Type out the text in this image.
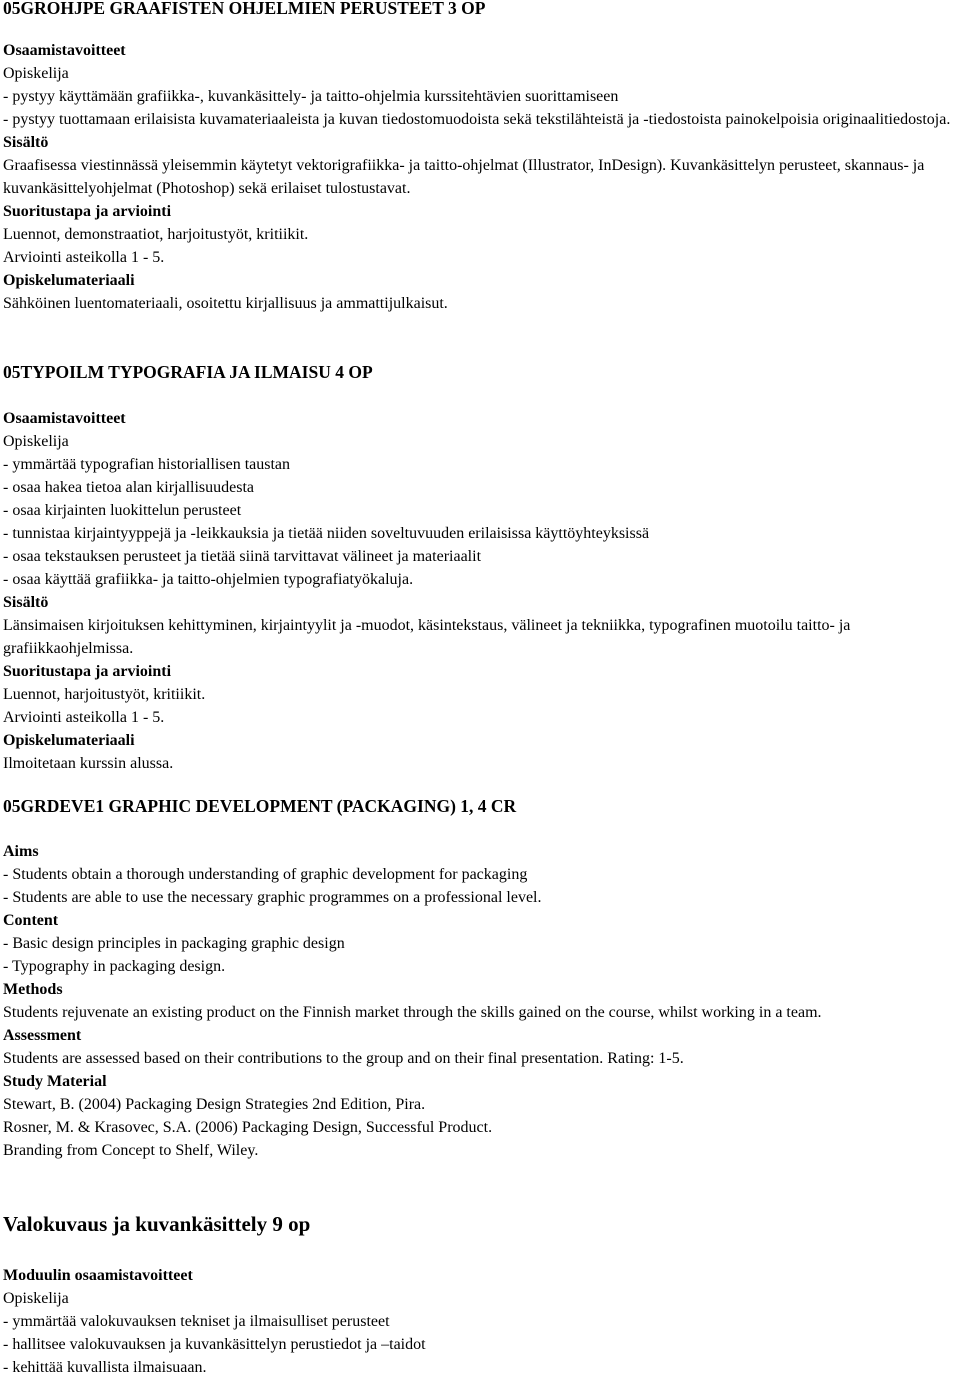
05GROHJPE GRAAFISTEN OHJELMIEN PERUSTEET 3 OP
Osaamistavoitteet
Opiskelija
- pystyy käyttämään grafiikka-, kuvankäsittely- ja taitto-ohjelmia kurssitehtävien suorittamiseen
- pystyy tuottamaan erilaisista kuvamateriaaleista ja kuvan tiedostomuodoista sekä tekstilähteistä ja -tiedostoista painokelpoisia originaalitiedostoja.
Sisältö
Graafisessa viestinnässä yleisemmin käytetyt vektorigrafiikka- ja taitto-ohjelmat (Illustrator, InDesign). Kuvankäsittelyn perusteet, skannaus- ja kuvankäsittelyohjelmat (Photoshop) sekä erilaiset tulostustavat.
Suoritustapa ja arviointi
Luennot, demonstraatiot, harjoitustyöt, kritiikit.
Arviointi asteikolla 1 - 5.
Opiskelumateriaali
Sähköinen luentomateriaali, osoitettu kirjallisuus ja ammattijulkaisut.
05TYPOILM TYPOGRAFIA JA ILMAISU 4 OP
Osaamistavoitteet
Opiskelija
- ymmärtää typografian historiallisen taustan
- osaa hakea tietoa alan kirjallisuudesta
- osaa kirjainten luokittelun perusteet
- tunnistaa kirjaintyyppejä ja -leikkauksia ja tietää niiden soveltuvuuden erilaisissa käyttöyhteyksissä
- osaa tekstauksen perusteet ja tietää siinä tarvittavat välineet ja materiaalit
- osaa käyttää grafiikka- ja taitto-ohjelmien typografiatyökaluja.
Sisältö
Länsimaisen kirjoituksen kehittyminen, kirjaintyylit ja -muodot, käsintekstaus, välineet ja tekniikka, typografinen muotoilu taitto- ja grafiikkaohjelmissa.
Suoritustapa ja arviointi
Luennot, harjoitustyöt, kritiikit.
Arviointi asteikolla 1 - 5.
Opiskelumateriaali
Ilmoitetaan kurssin alussa.
05GRDEVE1 GRAPHIC DEVELOPMENT (PACKAGING) 1, 4 CR
Aims
- Students obtain a thorough understanding of graphic development for packaging
- Students are able to use the necessary graphic programmes on a professional level.
Content
- Basic design principles in packaging graphic design
- Typography in packaging design.
Methods
Students rejuvenate an existing product on the Finnish market through the skills gained on the course, whilst working in a team.
Assessment
Students are assessed based on their contributions to the group and on their final presentation. Rating: 1-5.
Study Material
Stewart, B. (2004) Packaging Design Strategies 2nd Edition, Pira.
Rosner, M. & Krasovec, S.A. (2006) Packaging Design, Successful Product.
Branding from Concept to Shelf, Wiley.
Valokuvaus ja kuvankäsittely 9 op
Moduulin osaamistavoitteet
Opiskelija
- ymmärtää valokuvauksen tekniset ja ilmaisulliset perusteet
- hallitsee valokuvauksen ja kuvankäsittelyn perustiedot ja –taidot
- kehittää kuvallista ilmaisuaan.
